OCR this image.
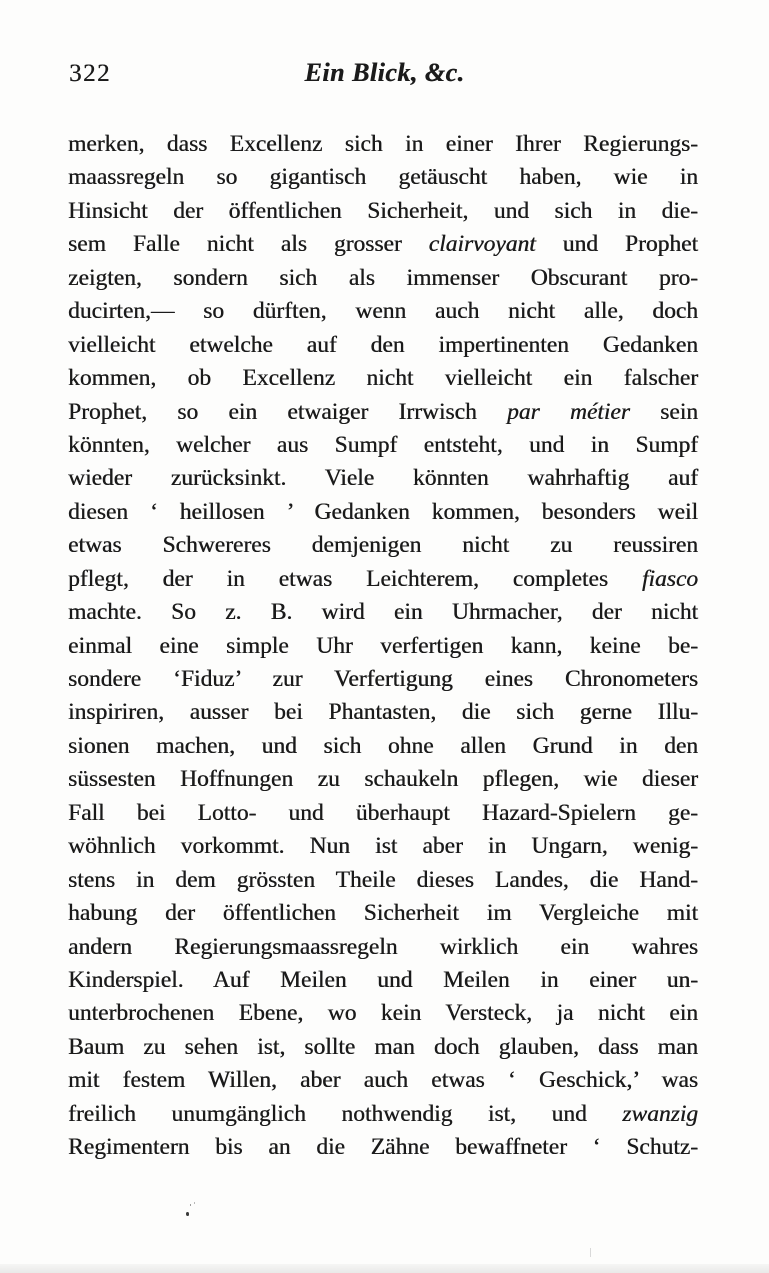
322	Ein Blick, &c.
merken, dass Excellenz sich in einer Ihrer Regierungs-
maassregeln so gigantisch getäuscht haben, wie in
Hinsicht der öffentlichen Sicherheit, und sich in die-
sem Falle nicht als grosser clairvoyant und Prophet
zeigten, sondern sich als immenser Obscurant pro-
ducirten,— so dürften, wenn auch nicht alle, doch
vielleicht etwelche auf den impertinenten Gedanken
kommen, ob Excellenz nicht vielleicht ein falscher
Prophet, so ein etwaiger Irrwisch par métier sein
könnten, welcher aus Sumpf entsteht, und in Sumpf
wieder zurücksinkt. Viele könnten wahrhaftig auf
diesen ‘ heillosen ’ Gedanken kommen, besonders weil
etwas Schwereres demjenigen nicht zu reussiren
pflegt, der in etwas Leichterem, completes fiasco
machte. So z. B. wird ein Uhrmacher, der nicht
einmal eine simple Uhr verfertigen kann, keine be-
sondere ‘Fiduz’ zur Verfertigung eines Chronometers
inspiriren, ausser bei Phantasten, die sich gerne Illu-
sionen machen, und sich ohne allen Grund in den
süssesten Hoffnungen zu schaukeln pflegen, wie dieser
Fall bei Lotto- und überhaupt Hazard-Spielern ge-
wöhnlich vorkommt. Nun ist aber in Ungarn, wenig-
stens in dem grössten Theile dieses Landes, die Hand-
habung der öffentlichen Sicherheit im Vergleiche mit
andern Regierungsmaassregeln wirklich ein wahres
Kinderspiel. Auf Meilen und Meilen in einer un-
unterbrochenen Ebene, wo kein Versteck, ja nicht ein
Baum zu sehen ist, sollte man doch glauben, dass man
mit festem Willen, aber auch etwas ‘ Geschick,’ was
freilich unumgänglich nothwendig ist, und zwanzig
Regimentern bis an die Zähne bewaffneter ‘ Schutz-
